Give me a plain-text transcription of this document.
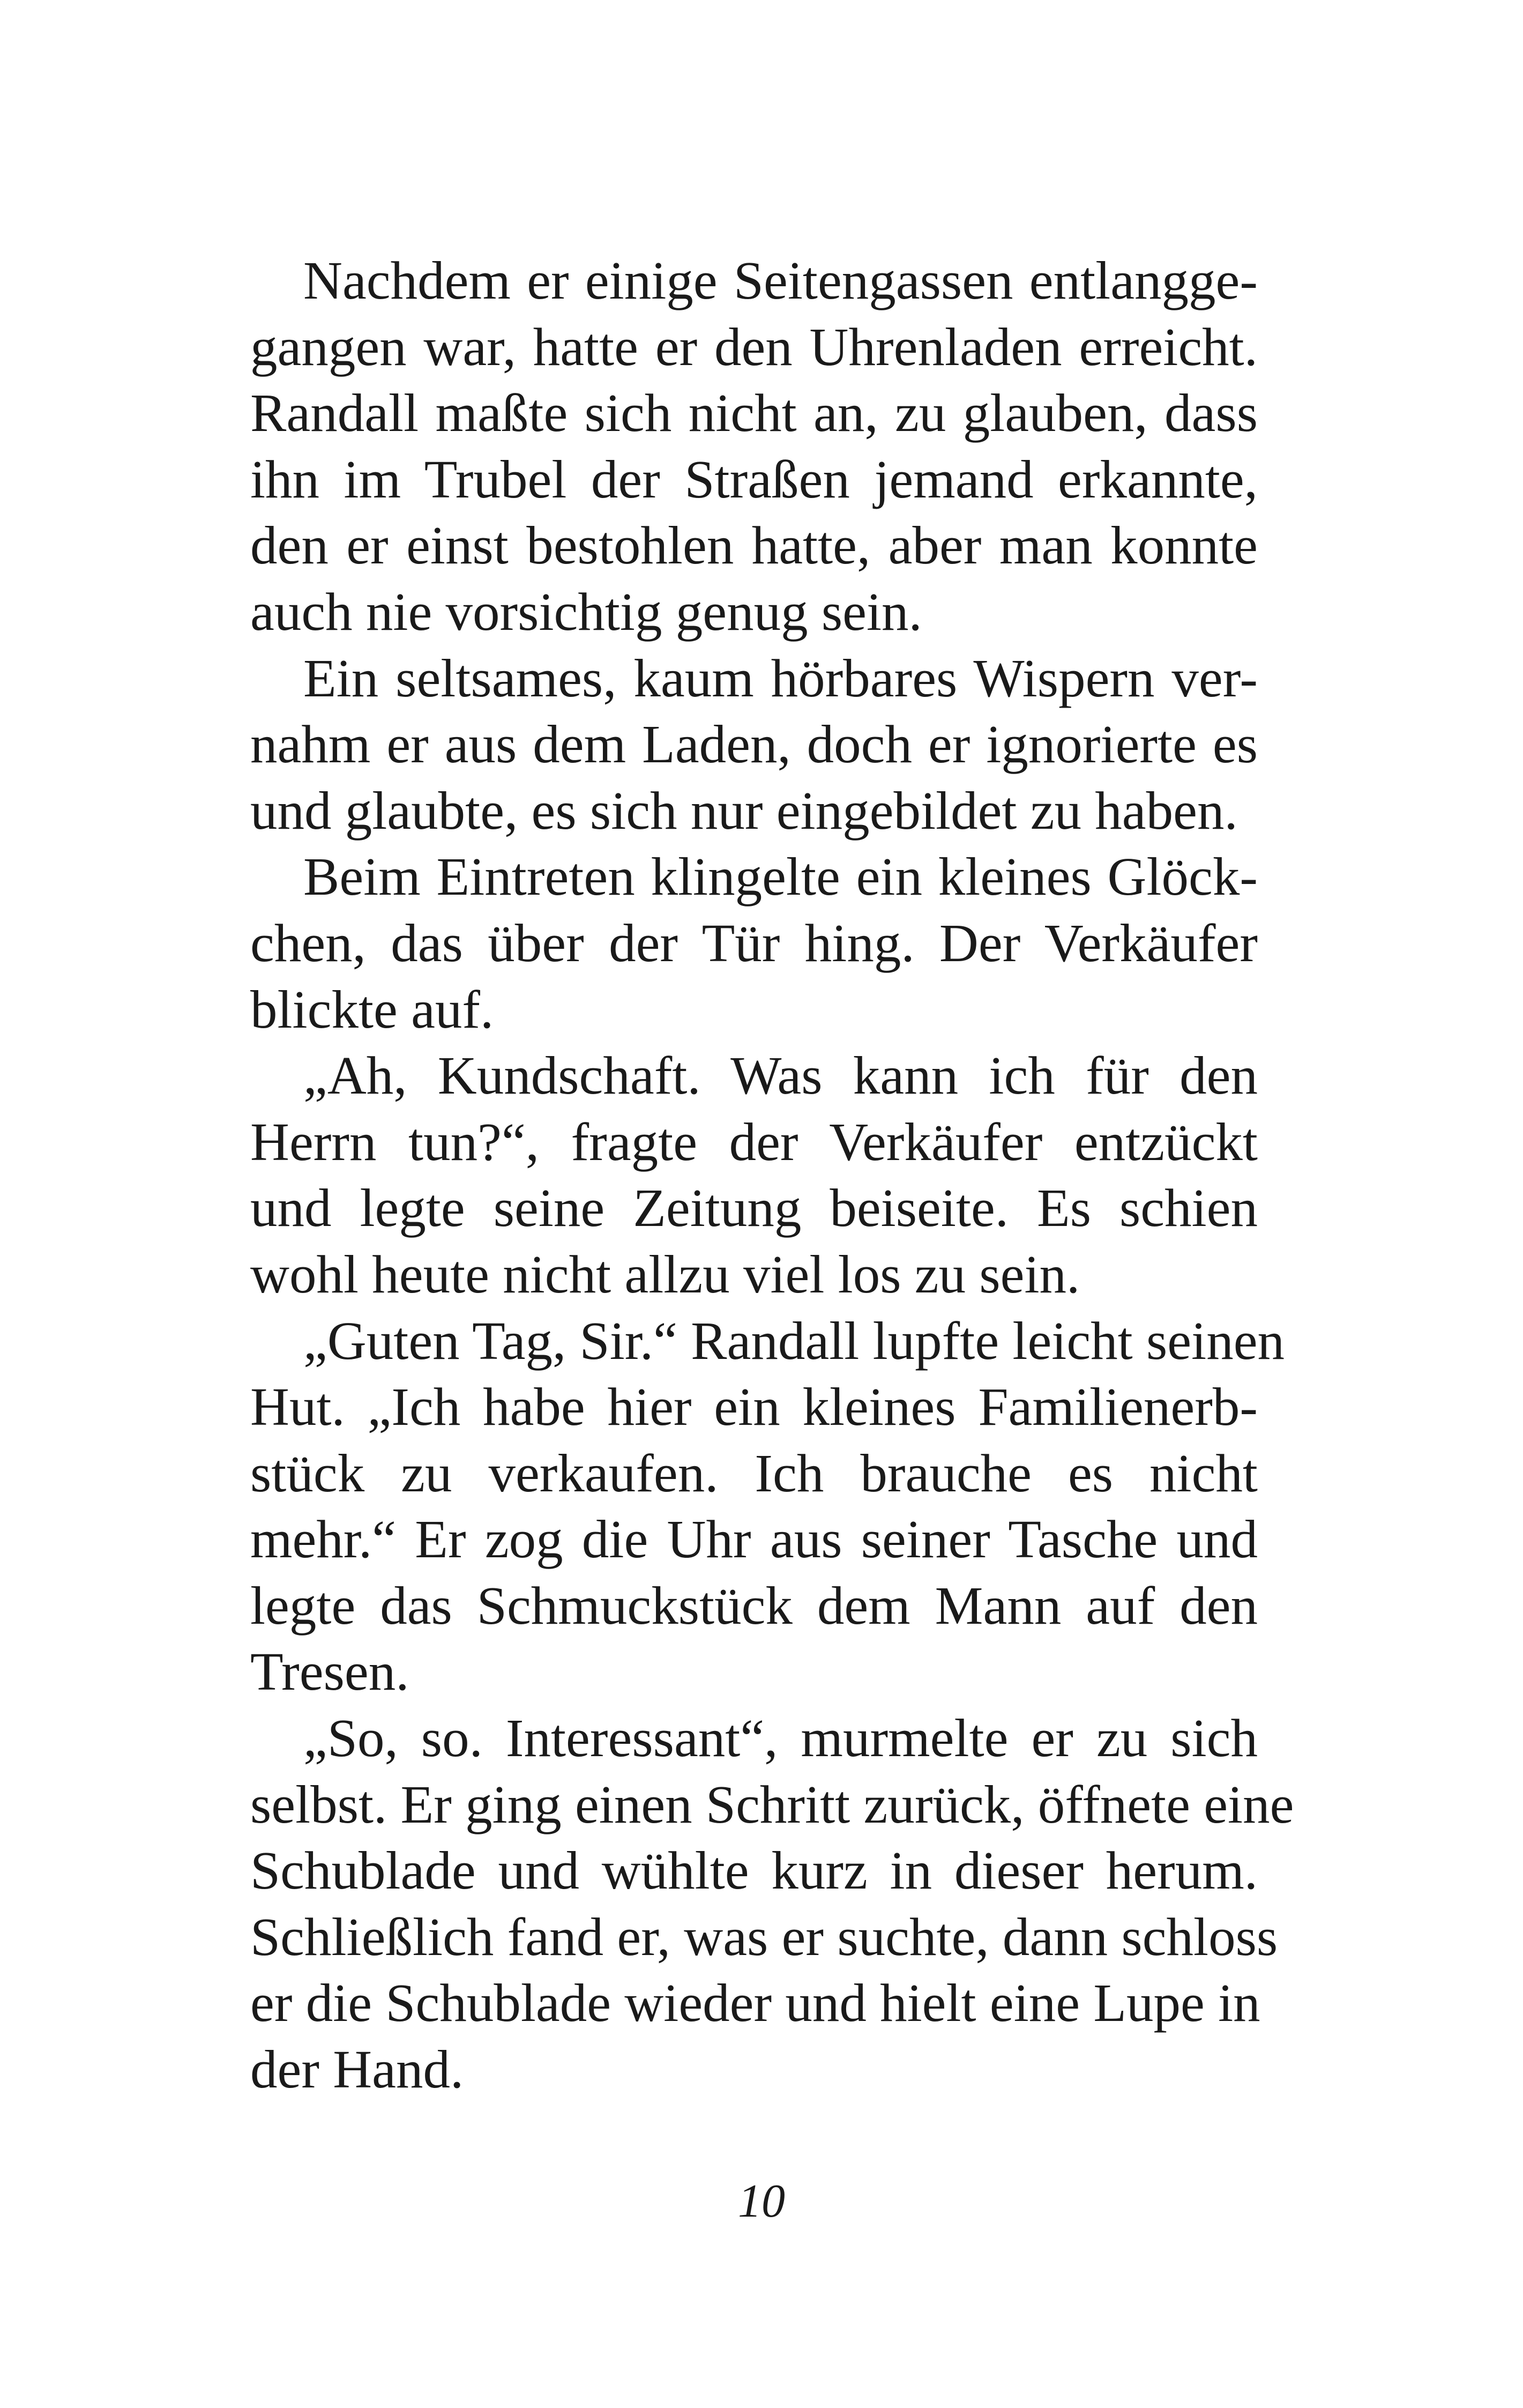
Nachdem er einige Seitengassen entlangge-
gangen war, hatte er den Uhrenladen erreicht.
Randall maßte sich nicht an, zu glauben, dass
ihn im Trubel der Straßen jemand erkannte,
den er einst bestohlen hatte, aber man konnte
auch nie vorsichtig genug sein.
Ein seltsames, kaum hörbares Wispern ver-
nahm er aus dem Laden, doch er ignorierte es
und glaubte, es sich nur eingebildet zu haben.
Beim Eintreten klingelte ein kleines Glöck-
chen, das über der Tür hing. Der Verkäufer
blickte auf.
„Ah, Kundschaft. Was kann ich für den
Herrn tun?“, fragte der Verkäufer entzückt
und legte seine Zeitung beiseite. Es schien
wohl heute nicht allzu viel los zu sein.
„Guten Tag, Sir.“ Randall lupfte leicht seinen
Hut. „Ich habe hier ein kleines Familienerb-
stück zu verkaufen. Ich brauche es nicht
mehr.“ Er zog die Uhr aus seiner Tasche und
legte das Schmuckstück dem Mann auf den
Tresen.
„So, so. Interessant“, murmelte er zu sich
selbst. Er ging einen Schritt zurück, öffnete eine
Schublade und wühlte kurz in dieser herum.
Schließlich fand er, was er suchte, dann schloss
er die Schublade wieder und hielt eine Lupe in
der Hand.
10
